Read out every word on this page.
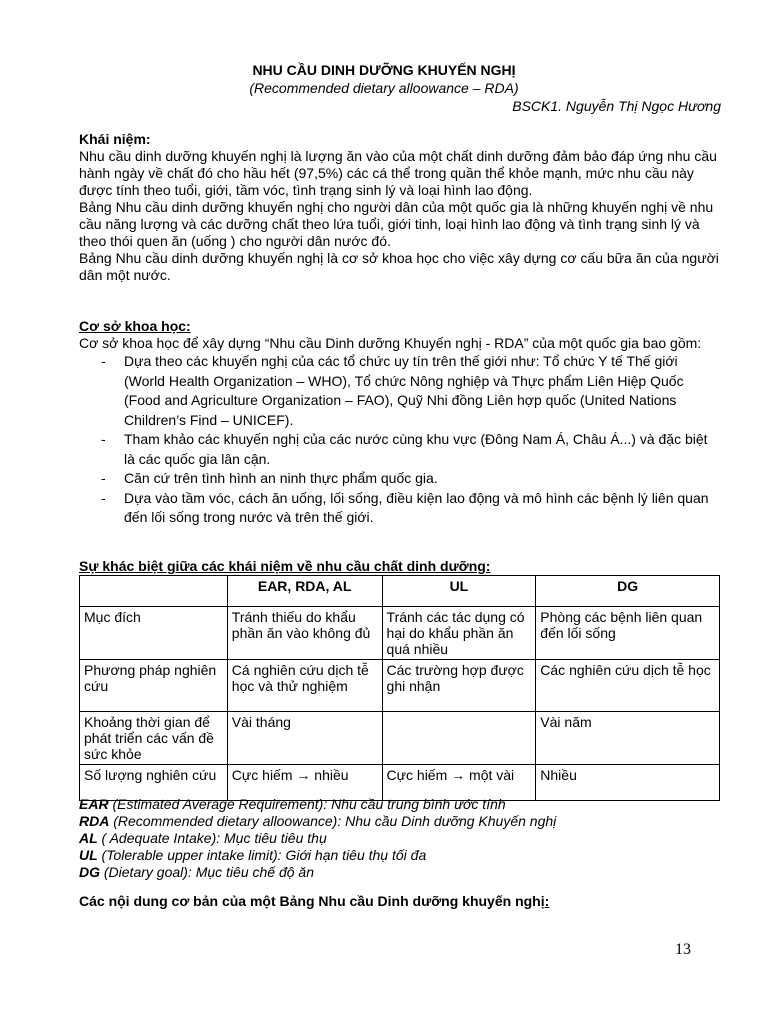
NHU CẦU DINH DƯỠNG KHUYẾN NGHỊ
(Recommended dietary alloowance – RDA)
BSCK1. Nguyễn Thị Ngọc Hương
Khái niệm:

Nhu cầu dinh dưỡng khuyến nghị là lượng ăn vào của một chất dinh dưỡng đảm bảo đáp ứng nhu cầu hành ngày về chất đó cho hầu hết (97,5%) các cá thể trong quần thể khỏe mạnh, mức nhu cầu này được tính theo tuổi, giới, tầm vóc, tình trạng sinh lý và loại hình lao động.

Bảng Nhu cầu dinh dưỡng khuyến nghị cho người dân của một quốc gia là những khuyến nghị về nhu cầu năng lượng và các dưỡng chất theo lứa tuổi, giới tinh, loại hình lao động và tình trạng sinh lý và theo thói quen ăn (uống ) cho người dân nước đó.

Bảng Nhu cầu dinh dưỡng khuyến nghị là cơ sở khoa học cho việc xây dựng cơ cấu bữa ăn của người dân một nước.

Cơ sở khoa học:

Cơ sở khoa học để xây dựng “Nhu cầu Dinh dưỡng Khuyến nghị - RDA” của một quốc gia bao gồm:

- Dựa theo các khuyến nghị của các tổ chức uy tín trên thế giới như: Tổ chức Y tế Thế giới (World Health Organization – WHO), Tổ chức Nông nghiệp và Thực phẩm Liên Hiệp Quốc (Food and Agriculture Organization – FAO), Quỹ Nhi đồng Liên hợp quốc (United Nations Children’s Find – UNICEF).
- Tham khảo các khuyến nghị của các nước cùng khu vực (Đông Nam Á, Châu Á...) và đặc biệt là các quốc gia lân cận.
- Căn cứ trên tình hình an ninh thực phẩm quốc gia.
- Dựa vào tầm vóc, cách ăn uống, lối sống, điều kiện lao động và mô hình các bệnh lý liên quan đến lối sống trong nước và trên thế giới.
Sự khác biệt giữa các khái niệm về nhu cầu chất dinh dưỡng:
	EAR, RDA, AL	UL	DG
Mục đích	Tránh thiếu do khẩu phần ăn vào không đủ	Tránh các tác dụng có hại do khẩu phần ăn quá nhiều	Phòng các bệnh liên quan đến lối sống
Phương pháp nghiên cứu	Cá nghiên cứu dịch tễ học và thử nghiệm	Các trường hợp được ghi nhận	Các nghiên cứu dịch tễ học
Khoảng thời gian để phát triển các vấn đề sức khỏe	Vài tháng		Vài năm
Số lượng nghiên cứu	Cực hiếm → nhiều	Cực hiếm → một vài	Nhiều
EAR (Estimated Average Requirement): Nhu cầu trung bình ước tính
RDA (Recommended dietary alloowance): Nhu cầu Dinh dưỡng Khuyến nghị
AL ( Adequate Intake): Mục tiêu tiêu thụ
UL (Tolerable upper intake limit): Giới hạn tiêu thụ tối đa
DG (Dietary goal): Mục tiêu chế độ ăn
Các nội dung cơ bản của một Bảng Nhu cầu Dinh dưỡng khuyến nghị:
13
